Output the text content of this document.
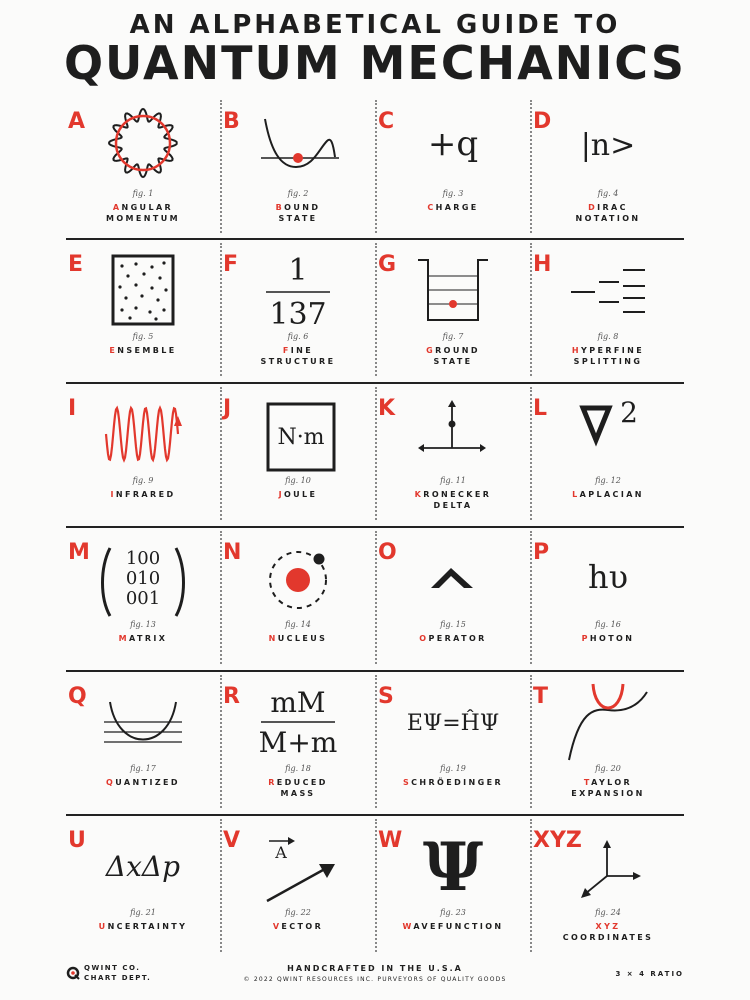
AN ALPHABETICAL GUIDE TO
QUANTUM MECHANICS
A
fig. 1
ANGULAR
MOMENTUM
B
fig. 2
BOUND
STATE
C
+q
fig. 3
CHARGE
D
|n>
fig. 4
DIRAC
NOTATION
E
fig. 5
ENSEMBLE
F 1
137
fig. 6
FINE
STRUCTURE
G
fig. 7
GROUND
STATE
H
fig. 8
HYPERFINE
SPLITTING
I
fig. 9
INFRARED
J
N·m
fig. 10
JOULE
K
fig. 11
KRONECKER
DELTA
L	2
fig. 12
LAPLACIAN
M 100
010
001
fig. 13
MATRIX
N
fig. 14
NUCLEUS
O
fig. 15
OPERATOR
P
hυ
fig. 16
PHOTON
Q
fig. 17
QUANTIZED
R mM
M+m
fig. 18
REDUCED
MASS
S
EΨ=ĤΨ
fig. 19
SCHRÖEDINGER
T
fig. 20
TAYLOR
EXPANSION
U
ΔxΔp
fig. 21
UNCERTAINTY
V A
fig. 22
VECTOR
W Ψ
fig. 23
WAVEFUNCTION
XYZ
fig. 24
XYZ
COORDINATES
QWINT CO.
CHART DEPT.
HANDCRAFTED IN THE U.S.A
© 2022 QWINT RESOURCES INC. PURVEYORS OF QUALITY GOODS
3 × 4 RATIO
